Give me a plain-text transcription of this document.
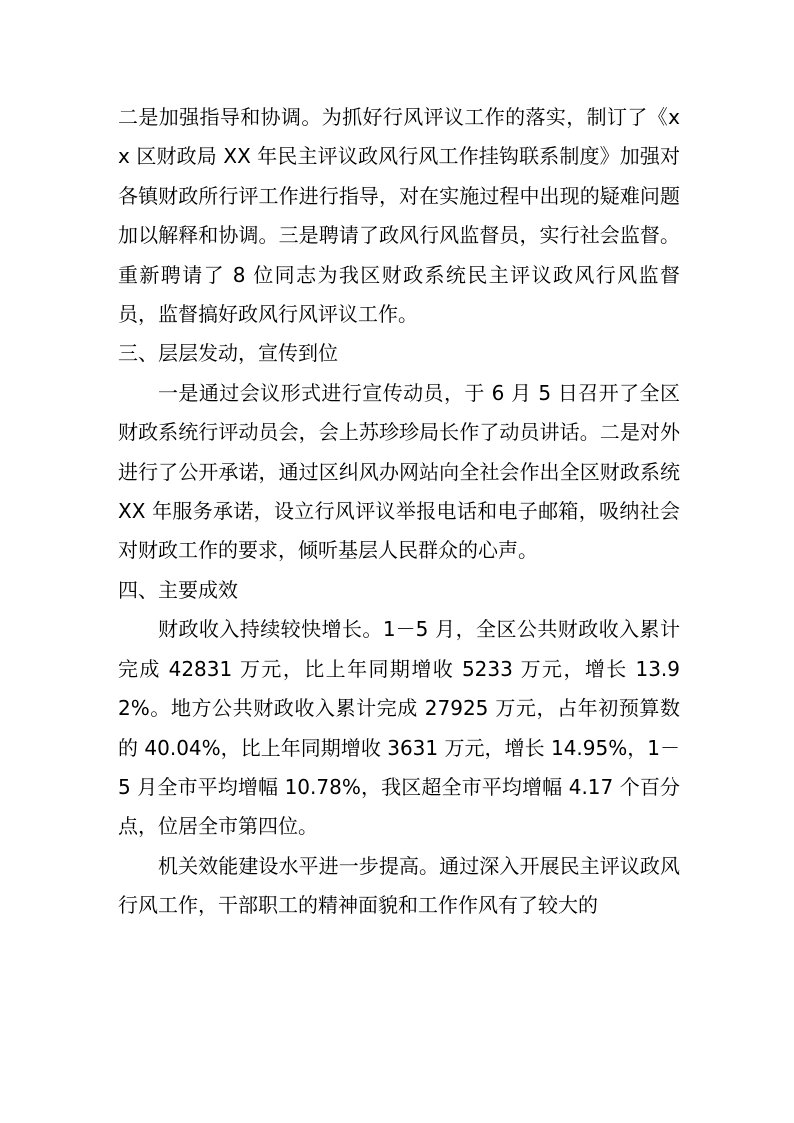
二是加强指导和协调。为抓好行风评议工作的落实，制订了《xx 区财政局 XX 年民主评议政风行风工作挂钩联系制度》加强对各镇财政所行评工作进行指导，对在实施过程中出现的疑难问题加以解释和协调。三是聘请了政风行风监督员，实行社会监督。重新聘请了 8 位同志为我区财政系统民主评议政风行风监督员，监督搞好政风行风评议工作。

三、层层发动，宣传到位

一是通过会议形式进行宣传动员，于 6 月 5 日召开了全区财政系统行评动员会，会上苏珍珍局长作了动员讲话。二是对外进行了公开承诺，通过区纠风办网站向全社会作出全区财政系统 XX 年服务承诺，设立行风评议举报电话和电子邮箱，吸纳社会对财政工作的要求，倾听基层人民群众的心声。

四、主要成效

财政收入持续较快增长。1－5 月，全区公共财政收入累计完成 42831 万元，比上年同期增收 5233 万元，增长 13.92%。地方公共财政收入累计完成 27925 万元，占年初预算数的 40.04%，比上年同期增收 3631 万元，增长 14.95%，1－5 月全市平均增幅 10.78%，我区超全市平均增幅 4.17 个百分点，位居全市第四位。

机关效能建设水平进一步提高。通过深入开展民主评议政风行风工作，干部职工的精神面貌和工作作风有了较大的
